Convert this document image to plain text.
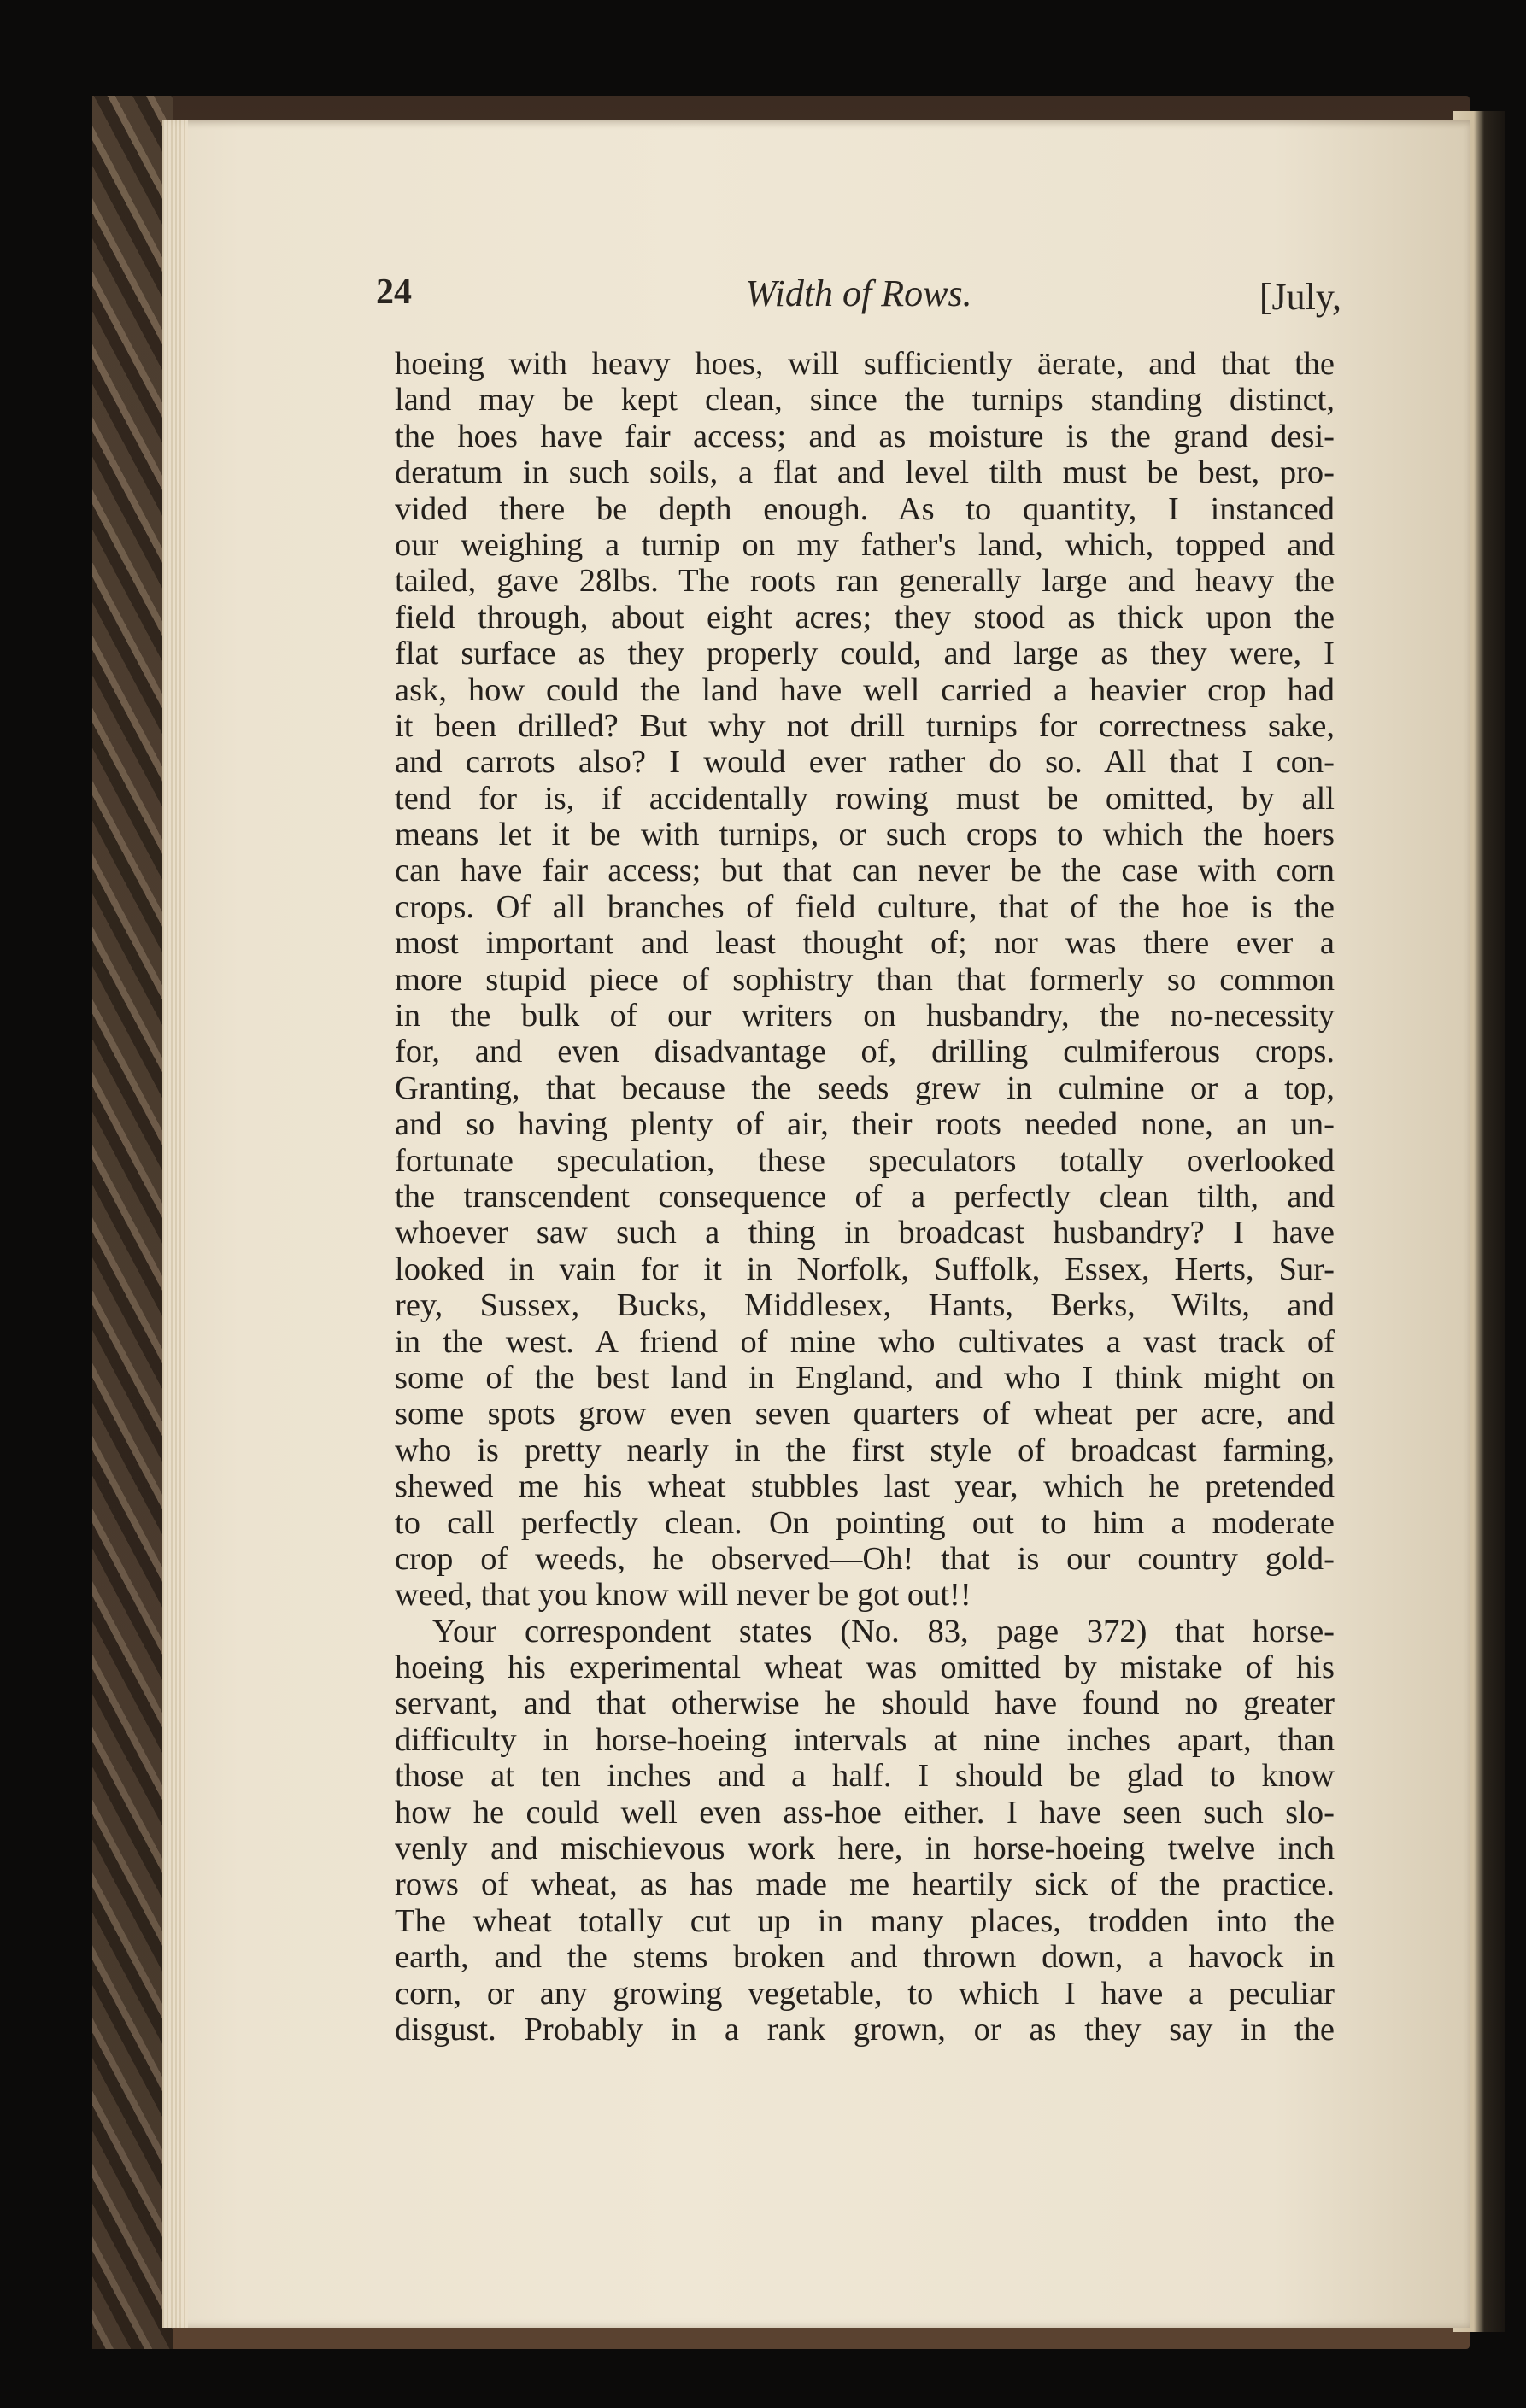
24	Width of Rows.	[July,
hoeing with heavy hoes, will sufficiently äerate, and that the
land may be kept clean, since the turnips standing distinct,
the hoes have fair access; and as moisture is the grand desi-
deratum in such soils, a flat and level tilth must be best, pro-
vided there be depth enough. As to quantity, I instanced
our weighing a turnip on my father's land, which, topped and
tailed, gave 28lbs. The roots ran generally large and heavy the
field through, about eight acres; they stood as thick upon the
flat surface as they properly could, and large as they were, I
ask, how could the land have well carried a heavier crop had
it been drilled? But why not drill turnips for correctness sake,
and carrots also? I would ever rather do so. All that I con-
tend for is, if accidentally rowing must be omitted, by all
means let it be with turnips, or such crops to which the hoers
can have fair access; but that can never be the case with corn
crops. Of all branches of field culture, that of the hoe is the
most important and least thought of; nor was there ever a
more stupid piece of sophistry than that formerly so common
in the bulk of our writers on husbandry, the no-necessity
for, and even disadvantage of, drilling culmiferous crops.
Granting, that because the seeds grew in culmine or a top,
and so having plenty of air, their roots needed none, an un-
fortunate speculation, these speculators totally overlooked
the transcendent consequence of a perfectly clean tilth, and
whoever saw such a thing in broadcast husbandry? I have
looked in vain for it in Norfolk, Suffolk, Essex, Herts, Sur-
rey, Sussex, Bucks, Middlesex, Hants, Berks, Wilts, and
in the west. A friend of mine who cultivates a vast track of
some of the best land in England, and who I think might on
some spots grow even seven quarters of wheat per acre, and
who is pretty nearly in the first style of broadcast farming,
shewed me his wheat stubbles last year, which he pretended
to call perfectly clean. On pointing out to him a moderate
crop of weeds, he observed—Oh! that is our country gold-
weed, that you know will never be got out!!
Your correspondent states (No. 83, page 372) that horse-
hoeing his experimental wheat was omitted by mistake of his
servant, and that otherwise he should have found no greater
difficulty in horse-hoeing intervals at nine inches apart, than
those at ten inches and a half. I should be glad to know
how he could well even ass-hoe either. I have seen such slo-
venly and mischievous work here, in horse-hoeing twelve inch
rows of wheat, as has made me heartily sick of the practice.
The wheat totally cut up in many places, trodden into the
earth, and the stems broken and thrown down, a havock in
corn, or any growing vegetable, to which I have a peculiar
disgust. Probably in a rank grown, or as they say in the
